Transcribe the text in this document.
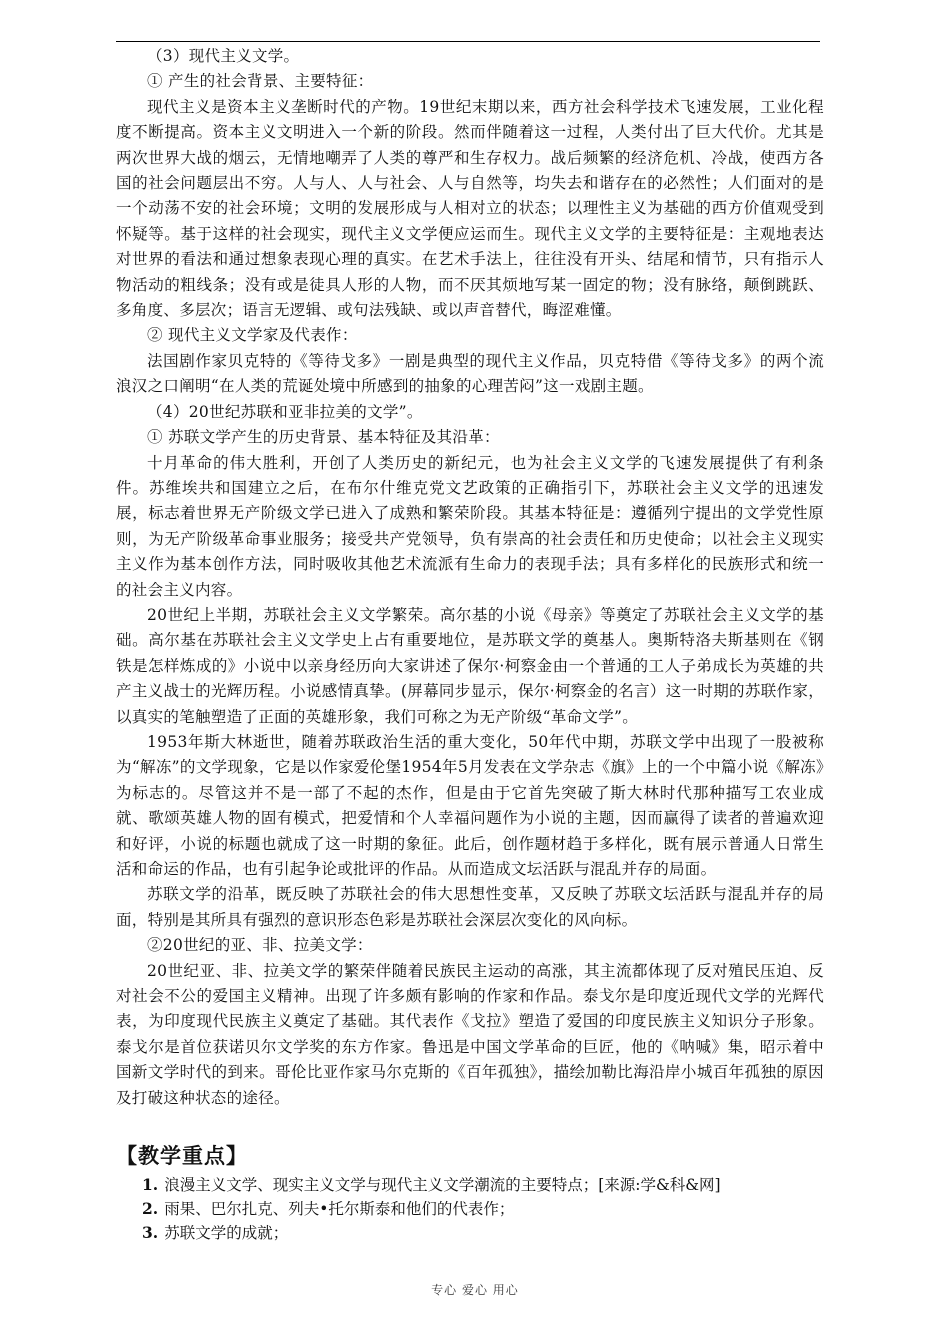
（3）现代主义文学。

① 产生的社会背景、主要特征：

现代主义是资本主义垄断时代的产物。19世纪末期以来，西方社会科学技术飞速发展，工业化程度不断提高。资本主义文明进入一个新的阶段。然而伴随着这一过程，人类付出了巨大代价。尤其是两次世界大战的烟云，无情地嘲弄了人类的尊严和生存权力。战后频繁的经济危机、冷战，使西方各国的社会问题层出不穷。人与人、人与社会、人与自然等，均失去和谐存在的必然性；人们面对的是一个动荡不安的社会环境；文明的发展形成与人相对立的状态；以理性主义为基础的西方价值观受到怀疑等。基于这样的社会现实，现代主义文学便应运而生。现代主义文学的主要特征是：主观地表达对世界的看法和通过想象表现心理的真实。在艺术手法上，往往没有开头、结尾和情节，只有指示人物活动的粗线条；没有或是徒具人形的人物，而不厌其烦地写某一固定的物；没有脉络，颠倒跳跃、多角度、多层次；语言无逻辑、或句法残缺、或以声音替代，晦涩难懂。

② 现代主义文学家及代表作：

法国剧作家贝克特的《等待戈多》一剧是典型的现代主义作品，贝克特借《等待戈多》的两个流浪汉之口阐明“在人类的荒诞处境中所感到的抽象的心理苦闷”这一戏剧主题。

（4）20世纪苏联和亚非拉美的文学”。

① 苏联文学产生的历史背景、基本特征及其沿革：

十月革命的伟大胜利，开创了人类历史的新纪元，也为社会主义文学的飞速发展提供了有利条件。苏维埃共和国建立之后，在布尔什维克党文艺政策的正确指引下，苏联社会主义文学的迅速发展，标志着世界无产阶级文学已进入了成熟和繁荣阶段。其基本特征是：遵循列宁提出的文学党性原则，为无产阶级革命事业服务；接受共产党领导，负有崇高的社会责任和历史使命；以社会主义现实主义作为基本创作方法，同时吸收其他艺术流派有生命力的表现手法；具有多样化的民族形式和统一的社会主义内容。

20世纪上半期，苏联社会主义文学繁荣。高尔基的小说《母亲》等奠定了苏联社会主义文学的基础。高尔基在苏联社会主义文学史上占有重要地位，是苏联文学的奠基人。奥斯特洛夫斯基则在《钢铁是怎样炼成的》小说中以亲身经历向大家讲述了保尔·柯察金由一个普通的工人子弟成长为英雄的共产主义战士的光辉历程。小说感情真挚。(屏幕同步显示，保尔·柯察金的名言）这一时期的苏联作家，以真实的笔触塑造了正面的英雄形象，我们可称之为无产阶级“革命文学”。

1953年斯大林逝世，随着苏联政治生活的重大变化，50年代中期，苏联文学中出现了一股被称为“解冻”的文学现象，它是以作家爱伦堡1954年5月发表在文学杂志《旗》上的一个中篇小说《解冻》为标志的。尽管这并不是一部了不起的杰作，但是由于它首先突破了斯大林时代那种描写工农业成就、歌颂英雄人物的固有模式，把爱情和个人幸福问题作为小说的主题，因而赢得了读者的普遍欢迎和好评，小说的标题也就成了这一时期的象征。此后，创作题材趋于多样化，既有展示普通人日常生活和命运的作品，也有引起争论或批评的作品。从而造成文坛活跃与混乱并存的局面。

苏联文学的沿革，既反映了苏联社会的伟大思想性变革，又反映了苏联文坛活跃与混乱并存的局面，特别是其所具有强烈的意识形态色彩是苏联社会深层次变化的风向标。

②20世纪的亚、非、拉美文学：

20世纪亚、非、拉美文学的繁荣伴随着民族民主运动的高涨，其主流都体现了反对殖民压迫、反对社会不公的爱国主义精神。出现了许多颇有影响的作家和作品。泰戈尔是印度近现代文学的光辉代表，为印度现代民族主义奠定了基础。其代表作《戈拉》塑造了爱国的印度民族主义知识分子形象。泰戈尔是首位获诺贝尔文学奖的东方作家。鲁迅是中国文学革命的巨匠，他的《呐喊》集，昭示着中国新文学时代的到来。哥伦比亚作家马尔克斯的《百年孤独》，描绘加勒比海沿岸小城百年孤独的原因及打破这种状态的途径。

【教学重点】
1. 浪漫主义文学、现实主义文学与现代主义文学潮流的主要特点；[来源:学&科&网]
2. 雨果、巴尔扎克、列夫•托尔斯泰和他们的代表作；
3. 苏联文学的成就；
专心 爱心 用心
